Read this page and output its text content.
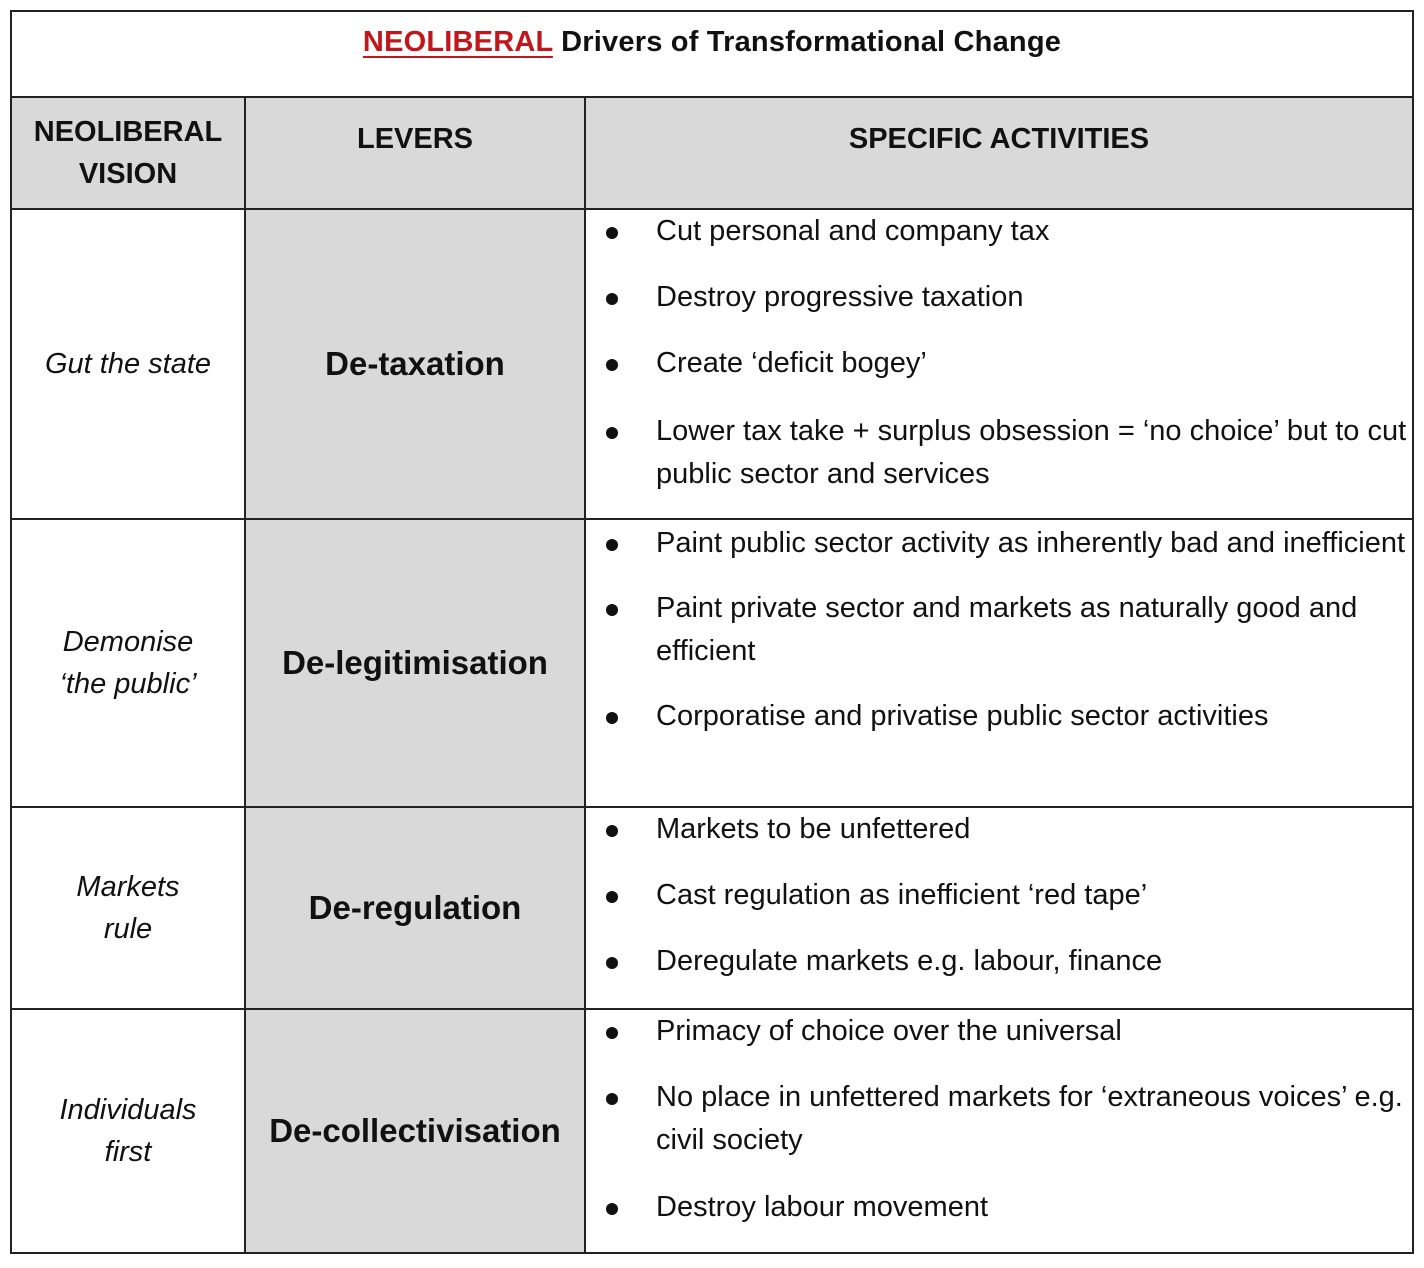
NEOLIBERAL Drivers of Transformational Change
NEOLIBERAL
VISION
LEVERS	SPECIFIC ACTIVITIES
Gut the state	De-taxation
Cut personal and company tax
Destroy progressive taxation
Create ‘deficit bogey’
Lower tax take + surplus obsession = ‘no choice’ but to cut public sector and services
Demonise
‘the public’
De-legitimisation
Paint public sector activity as inherently bad and inefficient
Paint private sector and markets as naturally good and efficient
Corporatise and privatise public sector activities
Markets
rule
De-regulation
Markets to be unfettered
Cast regulation as inefficient ‘red tape’
Deregulate markets e.g. labour, finance
Individuals
first
De-collectivisation
Primacy of choice over the universal
No place in unfettered markets for ‘extraneous voices’ e.g. civil society
Destroy labour movement
